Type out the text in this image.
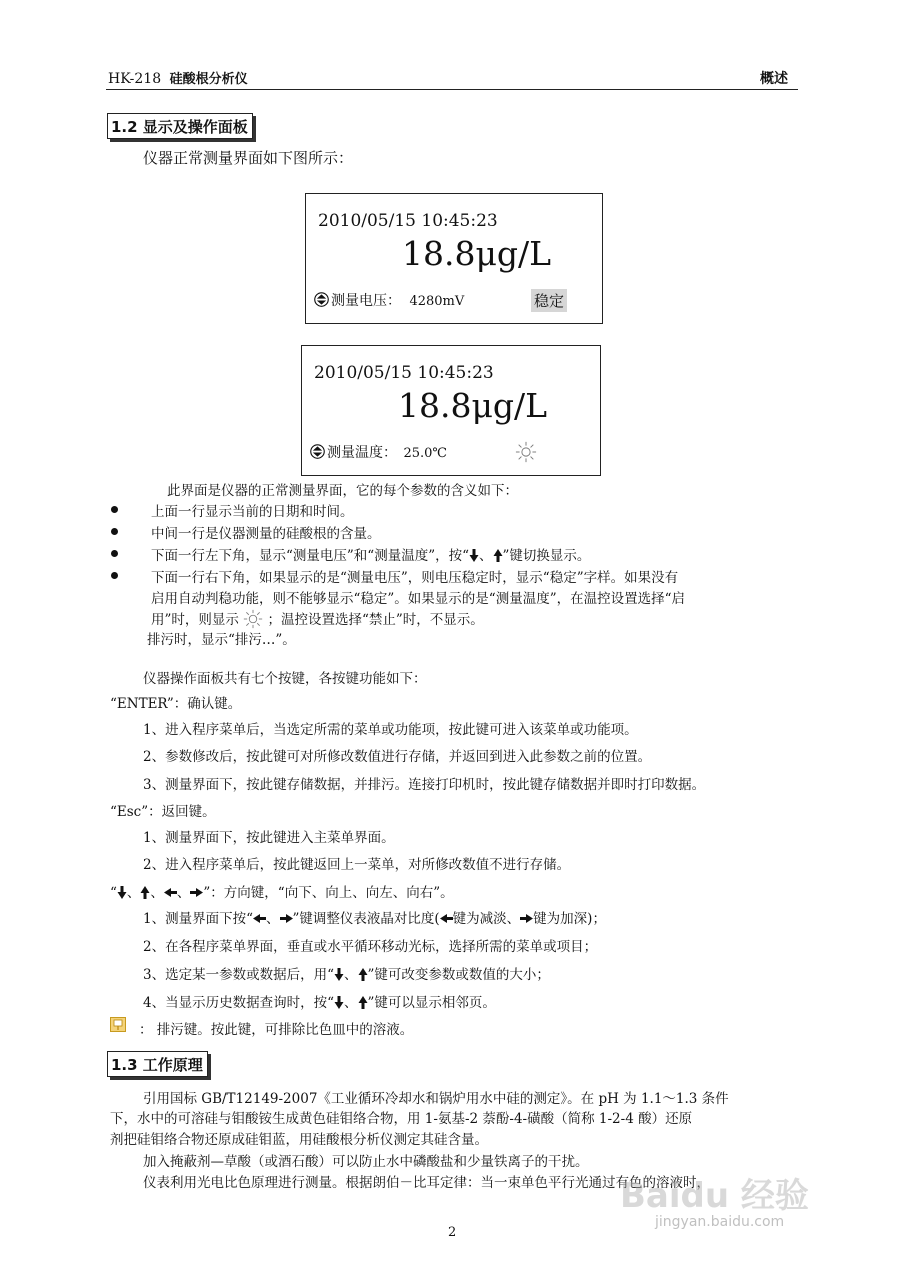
HK-218 硅酸根分析仪	概述
1.2 显示及操作面板
仪器正常测量界面如下图所示：
2010/05/15 10:45:23
18.8μg/L
测量电压： 4280mV	稳定
2010/05/15 10:45:23
18.8μg/L
测量温度： 25.0℃
此界面是仪器的正常测量界面，它的每个参数的含义如下：
上面一行显示当前的日期和时间。
中间一行是仪器测量的硅酸根的含量。
下面一行左下角，显示“测量电压”和“测量温度”，按“ 、 ”键切换显示。
下面一行右下角，如果显示的是“测量电压”，则电压稳定时，显示“稳定”字样。如果没有
启用自动判稳功能，则不能够显示“稳定”。如果显示的是“测量温度”，在温控设置选择“启
用”时，则显示 ；温控设置选择“禁止”时，不显示。
排污时，显示“排污…”。
仪器操作面板共有七个按键，各按键功能如下：
“ENTER”：确认键。
1、进入程序菜单后，当选定所需的菜单或功能项，按此键可进入该菜单或功能项。
2、参数修改后，按此键可对所修改数值进行存储，并返回到进入此参数之前的位置。
3、测量界面下，按此键存储数据，并排污。连接打印机时，按此键存储数据并即时打印数据。
“Esc”：返回键。
1、测量界面下，按此键进入主菜单界面。
2、进入程序菜单后，按此键返回上一菜单，对所修改数值不进行存储。
“ 、 、 、 ”：方向键，“向下、向上、向左、向右”。
1、测量界面下按“ 、 ”键调整仪表液晶对比度( 键为减淡、 键为加深)；
2、在各程序菜单界面，垂直或水平循环移动光标，选择所需的菜单或项目；
3、选定某一参数或数据后，用“ 、 ”键可改变参数或数值的大小；
4、当显示历史数据查询时，按“ 、 ”键可以显示相邻页。
： 排污键。按此键，可排除比色皿中的溶液。
1.3 工作原理
引用国标 GB/T12149-2007《工业循环冷却水和锅炉用水中硅的测定》。在 pH 为 1.1～1.3 条件
下，水中的可溶硅与钼酸铵生成黄色硅钼络合物，用 1-氨基-2 萘酚-4-磺酸（简称 1-2-4 酸）还原
剂把硅钼络合物还原成硅钼蓝，用硅酸根分析仪测定其硅含量。
加入掩蔽剂—草酸（或酒石酸）可以防止水中磷酸盐和少量铁离子的干扰。
仪表利用光电比色原理进行测量。根据朗伯－比耳定律：当一束单色平行光通过有色的溶液时，
Baidu 经验
jingyan.baidu.com
2
